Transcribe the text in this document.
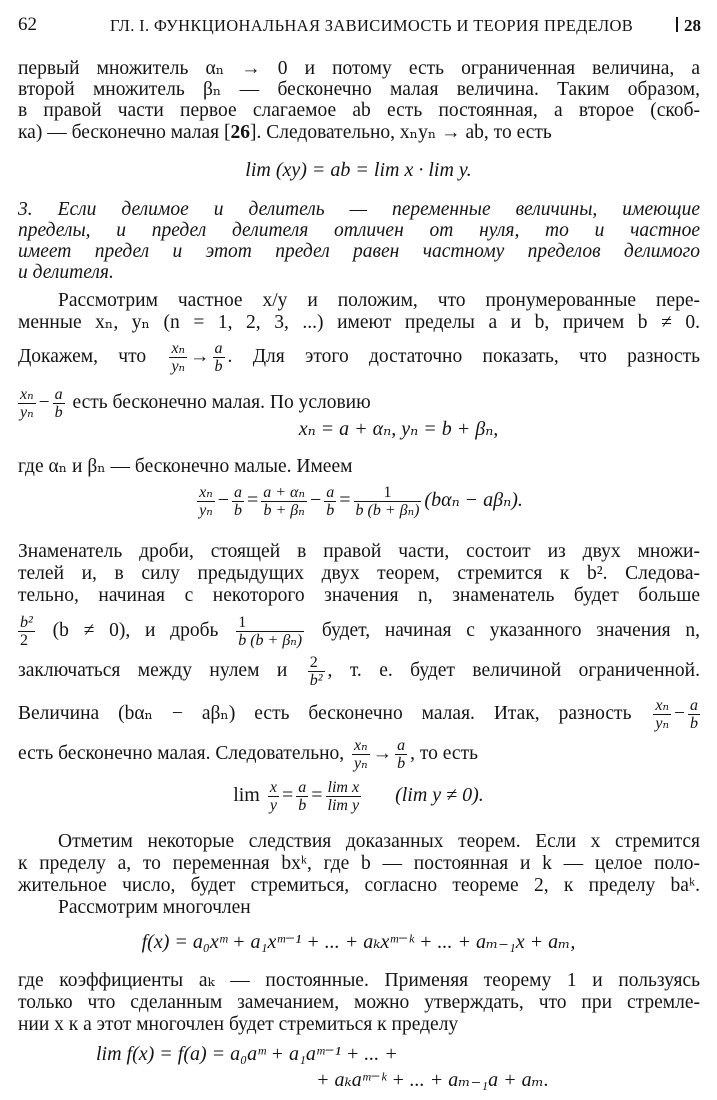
62	ГЛ. I. ФУНКЦИОНАЛЬНАЯ ЗАВИСИМОСТЬ И ТЕОРИЯ ПРЕДЕЛОВ	28

первый множитель αₙ → 0 и потому есть ограниченная величина, а

второй множитель βₙ — бесконечно малая величина. Таким образом,

в правой части первое слагаемое ab есть постоянная, а второе (скоб-

ка) — бесконечно малая [26]. Следовательно, xₙyₙ → ab, то есть

lim (xy) = ab = lim x · lim y.

3. Если делимое и делитель — переменные величины, имеющие

пределы, и предел делителя отличен от нуля, то и частное

имеет предел и этот предел равен частному пределов делимого

и делителя.

Рассмотрим частное x/y и положим, что пронумерованные пере-

менные xₙ, yₙ (n = 1, 2, 3, ...) имеют пределы a и b, причем b ≠ 0.

Докажем, что $\frac{\text{xₙ}}{\text{yₙ}} \to \frac{a}{b}$ . Для этого достаточно показать, что разность

$\frac{\text{xₙ}}{\text{yₙ}} - \frac{a}{b}$ есть бесконечно малая. По условию

xₙ = a + αₙ, yₙ = b + βₙ,

где αₙ и βₙ — бесконечно малые. Имеем

$\frac{\text{xₙ}}{\text{yₙ}} - \frac{a}{b} = \frac{\text{a + αₙ}}{\text{b + βₙ}} - \frac{a}{b} = \frac{1}{\text{b (b + βₙ)}} (b\alpha_n - a\beta_n)$.

Знаменатель дроби, стоящей в правой части, состоит из двух множи-

телей и, в силу предыдущих двух теорем, стремится к b². Следова-

тельно, начиная с некоторого значения n, знаменатель будет больше

$\frac{\text{b²}}{2} (b \ne 0)$, и дробь $\frac{1}{\text{b (b + βₙ)}}$ будет, начиная с указанного значения n,

заключаться между нулем и $\frac{2}{\text{b²}}$ , т. е. будет величиной ограниченной.

Величина (bαₙ − aβₙ) есть бесконечно малая. Итак, разность $\frac{\text{xₙ}}{\text{yₙ}} - \frac{a}{b}$

есть бесконечно малая. Следовательно, $\frac{\text{xₙ}}{\text{yₙ}} \to \frac{a}{b}$ , то есть

$\lim \frac{x}{y} = \frac{a}{b} = \frac{\text{lim x}}{\text{lim y}} (\lim$ y ≠ 0).

Отметим некоторые следствия доказанных теорем. Если x стремится

к пределу a, то переменная bxᵏ, где b — постоянная и k — целое поло-

жительное число, будет стремиться, согласно теореме 2, к пределу baᵏ.

Рассмотрим многочлен

f(x) = a₀xᵐ + a₁xᵐ⁻¹ + ... + aₖxᵐ⁻ᵏ + ... + aₘ₋₁x + aₘ,

где коэффициенты aₖ — постоянные. Применяя теорему 1 и пользуясь

только что сделанным замечанием, можно утверждать, что при стремле-

нии x к a этот многочлен будет стремиться к пределу

lim f(x) = f(a) = a₀aᵐ + a₁aᵐ⁻¹ + ... +
+ aₖaᵐ⁻ᵏ + ... + aₘ₋₁a + aₘ.
